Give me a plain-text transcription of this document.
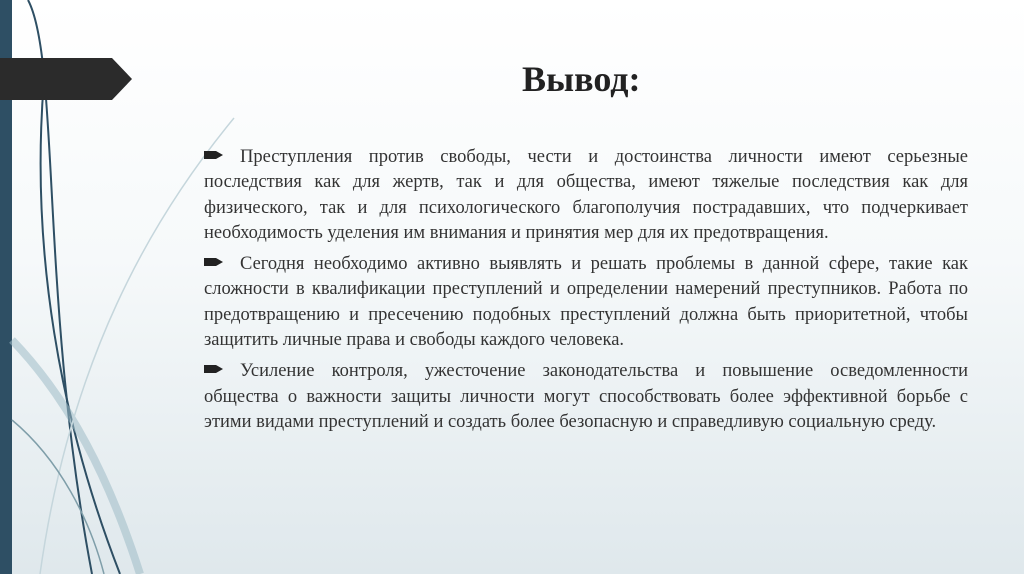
Вывод:

Преступления против свободы, чести и достоинства личности имеют серьезные последствия как для жертв, так и для общества, имеют тяжелые последствия как для физического, так и для психологического благополучия пострадавших, что подчеркивает необходимость уделения им внимания и принятия мер для их предотвращения.

Сегодня необходимо активно выявлять и решать проблемы в данной сфере, такие как сложности в квалификации преступлений и определении намерений преступников. Работа по предотвращению и пресечению подобных преступлений должна быть приоритетной, чтобы защитить личные права и свободы каждого человека.

Усиление контроля, ужесточение законодательства и повышение осведомленности общества о важности защиты личности могут способствовать более эффективной борьбе с этими видами преступлений и создать более безопасную и справедливую социальную среду.
